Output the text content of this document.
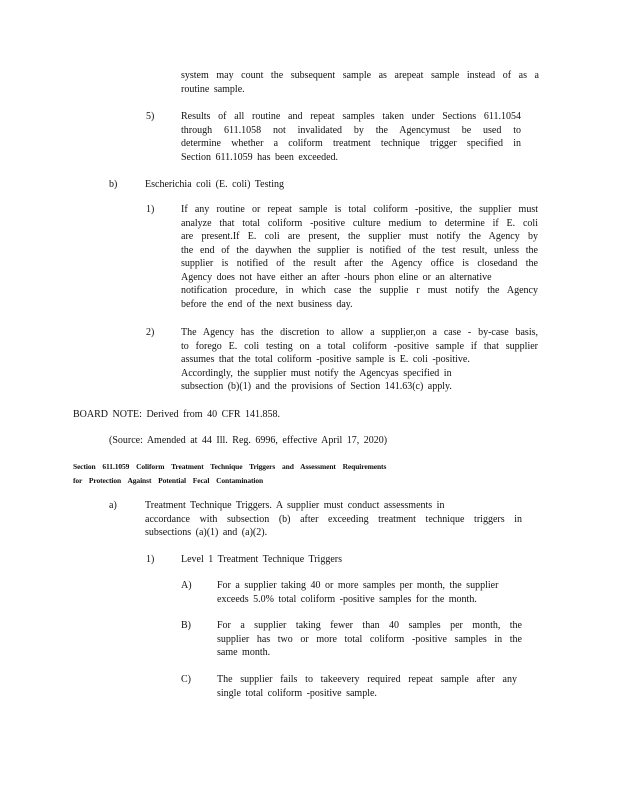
system may count the subsequent sample as arepeat sample instead of as a
routine sample.
5)	Results of all routine and repeat samples taken under Sections 611.1054
through 611.1058 not invalidated by the Agencymust be used to
determine whether a coliform treatment technique trigger specified in
Section 611.1059 has been exceeded.
b)	Escherichia coli (E. coli) Testing
1)	If any routine or repeat sample is total coliform -positive, the supplier must
analyze that total coliform -positive culture medium to determine if E. coli
are present.If E. coli are present, the supplier must notify the Agency by
the end of the daywhen the supplier is notified of the test result, unless the
supplier is notified of the result after the Agency office is closedand the
Agency does not have either an after -hours phon eline or an alternative
notification procedure, in which case the supplie r must notify the Agency
before the end of the next business day.
2)	The Agency has the discretion to allow a supplier,on a case - by-case basis,
to forego E. coli testing on a total coliform -positive sample if that supplier
assumes that the total coliform -positive sample is E. coli -positive.
Accordingly, the supplier must notify the Agencyas specified in
subsection (b)(1) and the provisions of Section 141.63(c) apply.
BOARD NOTE: Derived from 40 CFR 141.858.
(Source: Amended at 44 Ill. Reg. 6996, effective April 17, 2020)
Section 611.1059 Coliform Treatment Technique Triggers and Assessment Requirements
for Protection Against Potential Fecal Contamination
a)	Treatment Technique Triggers. A supplier must conduct assessments in
accordance with subsection (b) after exceeding treatment technique triggers in
subsections (a)(1) and (a)(2).
1)	Level 1 Treatment Technique Triggers
A)	For a supplier taking 40 or more samples per month, the supplier
exceeds 5.0% total coliform -positive samples for the month.
B)	For a supplier taking fewer than 40 samples per month, the
supplier has two or more total coliform -positive samples in the
same month.
C)	The supplier fails to takeevery required repeat sample after any
single total coliform -positive sample.
